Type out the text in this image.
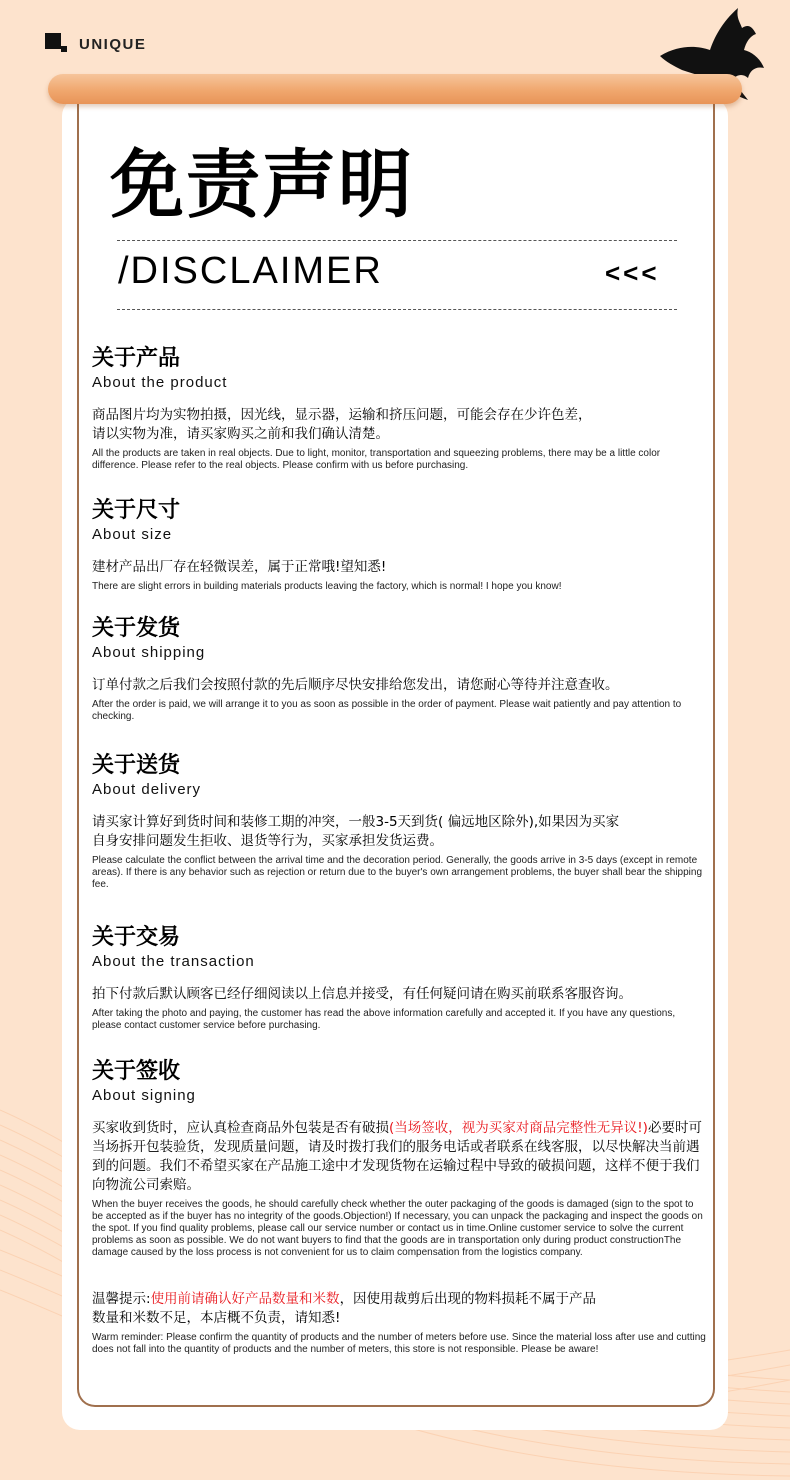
UNIQUE
免责声明
/DISCLAIMER	<<<
关于产品
About the product
商品图片均为实物拍摄，因光线，显示器，运输和挤压问题，可能会存在少许色差，
请以实物为准，请买家购买之前和我们确认清楚。
All the products are taken in real objects. Due to light, monitor, transportation and squeezing problems, there may be a little color difference. Please refer to the real objects. Please confirm with us before purchasing.
关于尺寸
About size
建材产品出厂存在轻微误差，属于正常哦!望知悉!
There are slight errors in building materials products leaving the factory, which is normal! I hope you know!
关于发货
About shipping
订单付款之后我们会按照付款的先后顺序尽快安排给您发出，请您耐心等待并注意查收。
After the order is paid, we will arrange it to you as soon as possible in the order of payment. Please wait patiently and pay attention to checking.
关于送货
About delivery
请买家计算好到货时间和装修工期的冲突，一般3-5天到货( 偏远地区除外),如果因为买家
自身安排问题发生拒收、退货等行为，买家承担发货运费。
Please calculate the conflict between the arrival time and the decoration period. Generally, the goods arrive in 3-5 days (except in remote areas). If there is any behavior such as rejection or return due to the buyer's own arrangement problems, the buyer shall bear the shipping fee.
关于交易
About the transaction
拍下付款后默认顾客已经仔细阅读以上信息并接受，有任何疑问请在购买前联系客服咨询。
After taking the photo and paying, the customer has read the above information carefully and accepted it. If you have any questions, please contact customer service before purchasing.
关于签收
About signing
买家收到货时，应认真检查商品外包装是否有破损(当场签收，视为买家对商品完整性无异议!)必要时可当场拆开包装验货，发现质量问题，请及时拨打我们的服务电话或者联系在线客服，以尽快解决当前遇到的问题。我们不希望买家在产品施工途中才发现货物在运输过程中导致的破损问题，这样不便于我们向物流公司索赔。
When the buyer receives the goods, he should carefully check whether the outer packaging of the goods is damaged (sign to the spot to be accepted as if the buyer has no integrity of the goods.Objection!) If necessary, you can unpack the packaging and inspect the goods on the spot. If you find quality problems, please call our service number or contact us in time.Online customer service to solve the current problems as soon as possible. We do not want buyers to find that the goods are in transportation only during product constructionThe damage caused by the loss process is not convenient for us to claim compensation from the logistics company.
温馨提示:使用前请确认好产品数量和米数，因使用裁剪后出现的物料损耗不属于产品
数量和米数不足，本店概不负责，请知悉!
Warm reminder: Please confirm the quantity of products and the number of meters before use. Since the material loss after use and cutting does not fall into the quantity of products and the number of meters, this store is not responsible. Please be aware!
